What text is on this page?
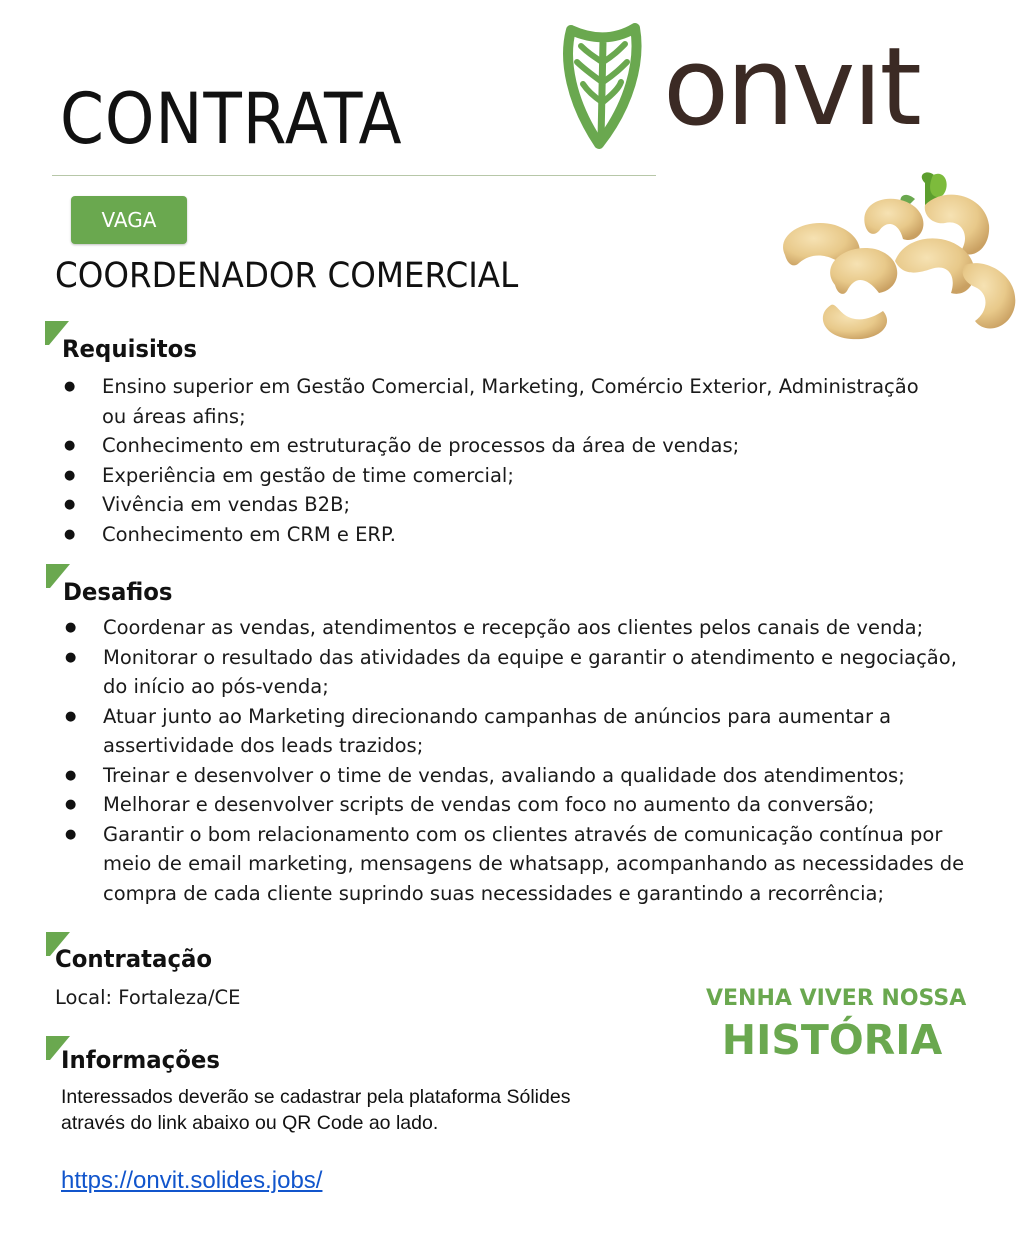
CONTRATA onvıt
VAGA
COORDENADOR COMERCIAL
Requisitos
● Ensino superior em Gestão Comercial, Marketing, Comércio Exterior, Administração ou áreas afins;
● Conhecimento em estruturação de processos da área de vendas;
● Experiência em gestão de time comercial;
● Vivência em vendas B2B;
● Conhecimento em CRM e ERP.
Desafios
● Coordenar as vendas, atendimentos e recepção aos clientes pelos canais de venda;
● Monitorar o resultado das atividades da equipe e garantir o atendimento e negociação, do início ao pós-venda;
● Atuar junto ao Marketing direcionando campanhas de anúncios para aumentar a assertividade dos leads trazidos;
● Treinar e desenvolver o time de vendas, avaliando a qualidade dos atendimentos;
● Melhorar e desenvolver scripts de vendas com foco no aumento da conversão;
● Garantir o bom relacionamento com os clientes através de comunicação contínua por meio de email marketing, mensagens de whatsapp, acompanhando as necessidades de compra de cada cliente suprindo suas necessidades e garantindo a recorrência;
Contratação
Local: Fortaleza/CE
Informações
Interessados deverão se cadastrar pela plataforma Sólides
através do link abaixo ou QR Code ao lado.
https://onvit.solides.jobs/
VENHA VIVER NOSSA
HISTÓRIA
